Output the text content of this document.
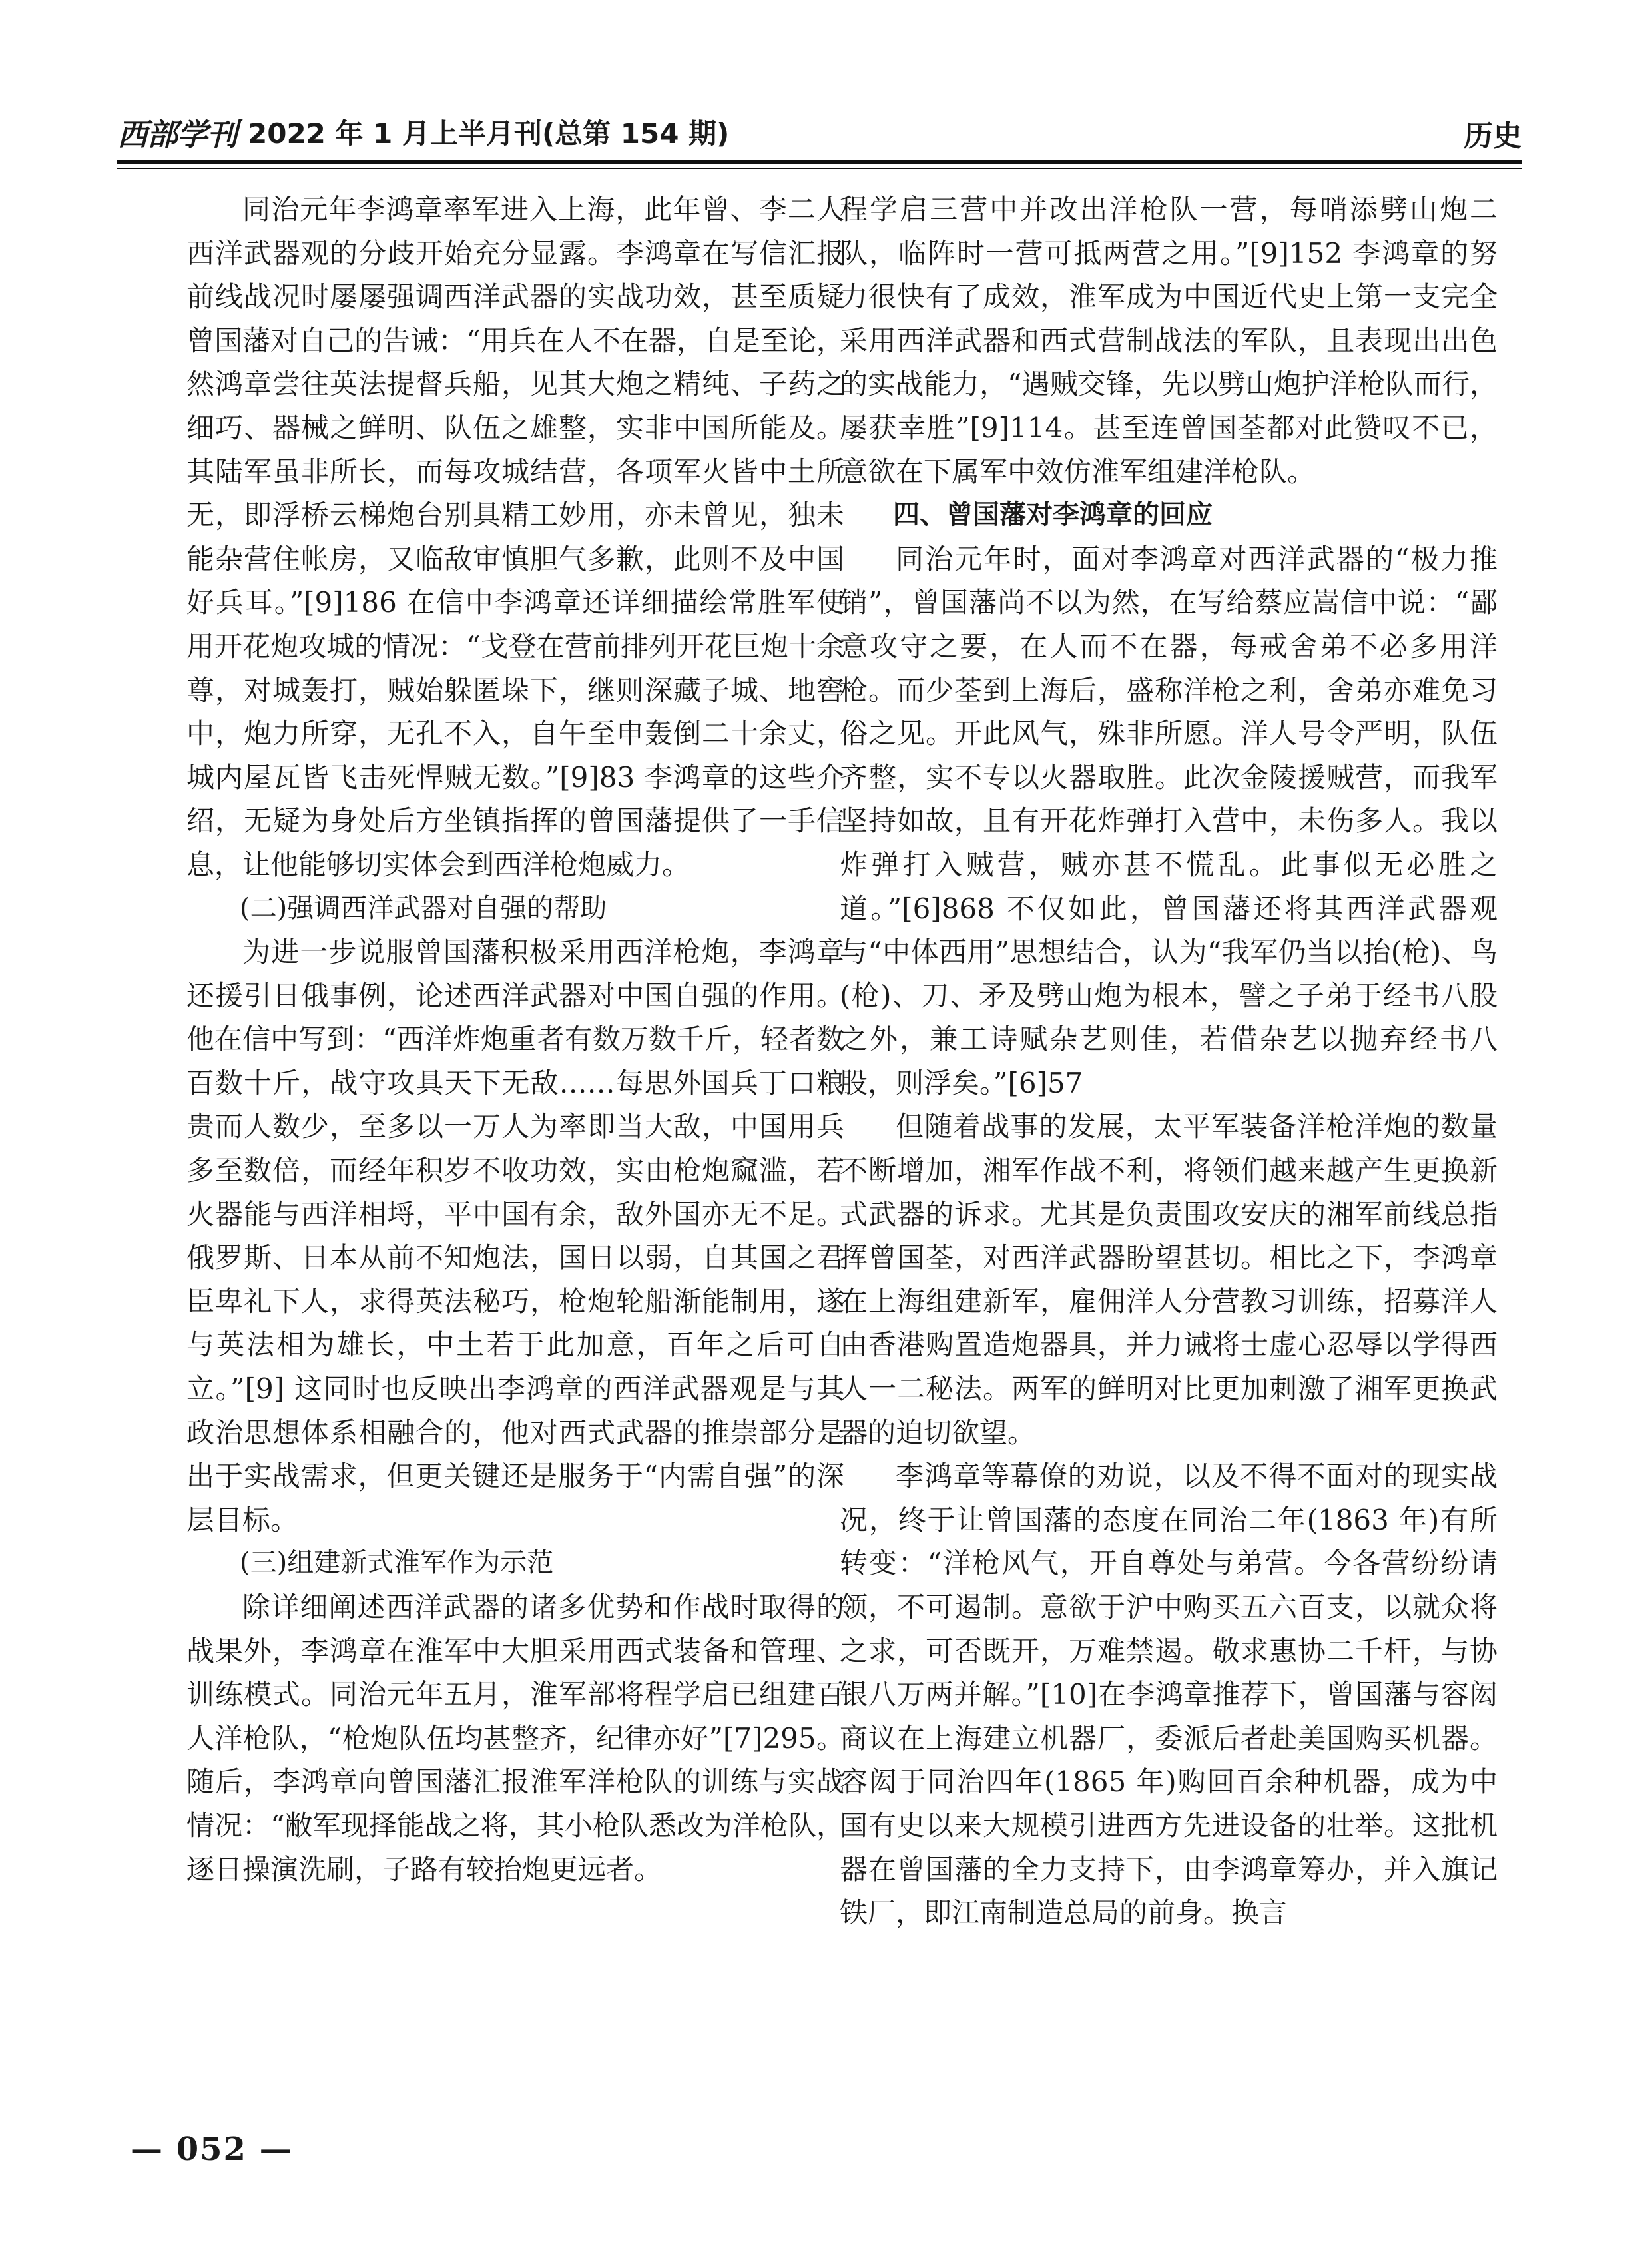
西部学刊 2022 年 1 月上半月刊(总第 154 期)	历史

同治元年李鸿章率军进入上海，此年曾、李二人西洋武器观的分歧开始充分显露。李鸿章在写信汇报前线战况时屡屡强调西洋武器的实战功效，甚至质疑曾国藩对自己的告诫：“用兵在人不在器，自是至论，然鸿章尝往英法提督兵船，见其大炮之精纯、子药之细巧、器械之鲜明、队伍之雄整，实非中国所能及。其陆军虽非所长，而每攻城结营，各项军火皆中土所无，即浮桥云梯炮台别具精工妙用，亦未曾见，独未能杂营住帐房，又临敌审慎胆气多歉，此则不及中国好兵耳。”[9]186 在信中李鸿章还详细描绘常胜军使用开花炮攻城的情况：“戈登在营前排列开花巨炮十余尊，对城轰打，贼始躲匿垛下，继则深藏子城、地窖中，炮力所穿，无孔不入，自午至申轰倒二十余丈，城内屋瓦皆飞击死悍贼无数。”[9]83 李鸿章的这些介绍，无疑为身处后方坐镇指挥的曾国藩提供了一手信息，让他能够切实体会到西洋枪炮威力。

(二)强调西洋武器对自强的帮助

为进一步说服曾国藩积极采用西洋枪炮，李鸿章还援引日俄事例，论述西洋武器对中国自强的作用。他在信中写到：“西洋炸炮重者有数万数千斤，轻者数百数十斤，战守攻具天下无敌……每思外国兵丁口粮贵而人数少，至多以一万人为率即当大敌，中国用兵多至数倍，而经年积岁不收功效，实由枪炮窳滥，若火器能与西洋相埒，平中国有余，敌外国亦无不足。俄罗斯、日本从前不知炮法，国日以弱，自其国之君臣卑礼下人，求得英法秘巧，枪炮轮船渐能制用，遂与英法相为雄长，中土若于此加意，百年之后可自立。”[9] 这同时也反映出李鸿章的西洋武器观是与其政治思想体系相融合的，他对西式武器的推崇部分是出于实战需求，但更关键还是服务于“内需自强”的深层目标。

(三)组建新式淮军作为示范

除详细阐述西洋武器的诸多优势和作战时取得的战果外，李鸿章在淮军中大胆采用西式装备和管理、训练模式。同治元年五月，淮军部将程学启已组建百人洋枪队，“枪炮队伍均甚整齐，纪律亦好”[7]295。随后，李鸿章向曾国藩汇报淮军洋枪队的训练与实战情况：“敝军现择能战之将，其小枪队悉改为洋枪队，逐日操演洗刷，子路有较抬炮更远者。

程学启三营中并改出洋枪队一营，每哨添劈山炮二队，临阵时一营可抵两营之用。”[9]152 李鸿章的努力很快有了成效，淮军成为中国近代史上第一支完全采用西洋武器和西式营制战法的军队，且表现出出色的实战能力，“遇贼交锋，先以劈山炮护洋枪队而行，屡获幸胜”[9]114。甚至连曾国荃都对此赞叹不已，意欲在下属军中效仿淮军组建洋枪队。

四、曾国藩对李鸿章的回应

同治元年时，面对李鸿章对西洋武器的“极力推销”，曾国藩尚不以为然，在写给蔡应嵩信中说：“鄙意攻守之要，在人而不在器，每戒舍弟不必多用洋枪。而少荃到上海后，盛称洋枪之利，舍弟亦难免习俗之见。开此风气，殊非所愿。洋人号令严明，队伍齐整，实不专以火器取胜。此次金陵援贼营，而我军坚持如故，且有开花炸弹打入营中，未伤多人。我以炸弹打入贼营，贼亦甚不慌乱。此事似无必胜之道。”[6]868 不仅如此，曾国藩还将其西洋武器观与“中体西用”思想结合，认为“我军仍当以抬(枪)、鸟(枪)、刀、矛及劈山炮为根本，譬之子弟于经书八股之外，兼工诗赋杂艺则佳，若借杂艺以抛弃经书八股，则浮矣。”[6]57

但随着战事的发展，太平军装备洋枪洋炮的数量不断增加，湘军作战不利，将领们越来越产生更换新式武器的诉求。尤其是负责围攻安庆的湘军前线总指挥曾国荃，对西洋武器盼望甚切。相比之下，李鸿章在上海组建新军，雇佣洋人分营教习训练，招募洋人由香港购置造炮器具，并力诫将士虚心忍辱以学得西人一二秘法。两军的鲜明对比更加刺激了湘军更换武器的迫切欲望。

李鸿章等幕僚的劝说，以及不得不面对的现实战况，终于让曾国藩的态度在同治二年(1863 年)有所转变：“洋枪风气，开自尊处与弟营。今各营纷纷请领，不可遏制。意欲于沪中购买五六百支，以就众将之求，可否既开，万难禁遏。敬求惠协二千杆，与协银八万两并解。”[10]在李鸿章推荐下，曾国藩与容闳商议在上海建立机器厂，委派后者赴美国购买机器。容闳于同治四年(1865 年)购回百余种机器，成为中国有史以来大规模引进西方先进设备的壮举。这批机器在曾国藩的全力支持下，由李鸿章筹办，并入旗记铁厂，即江南制造总局的前身。换言

— 052 —
